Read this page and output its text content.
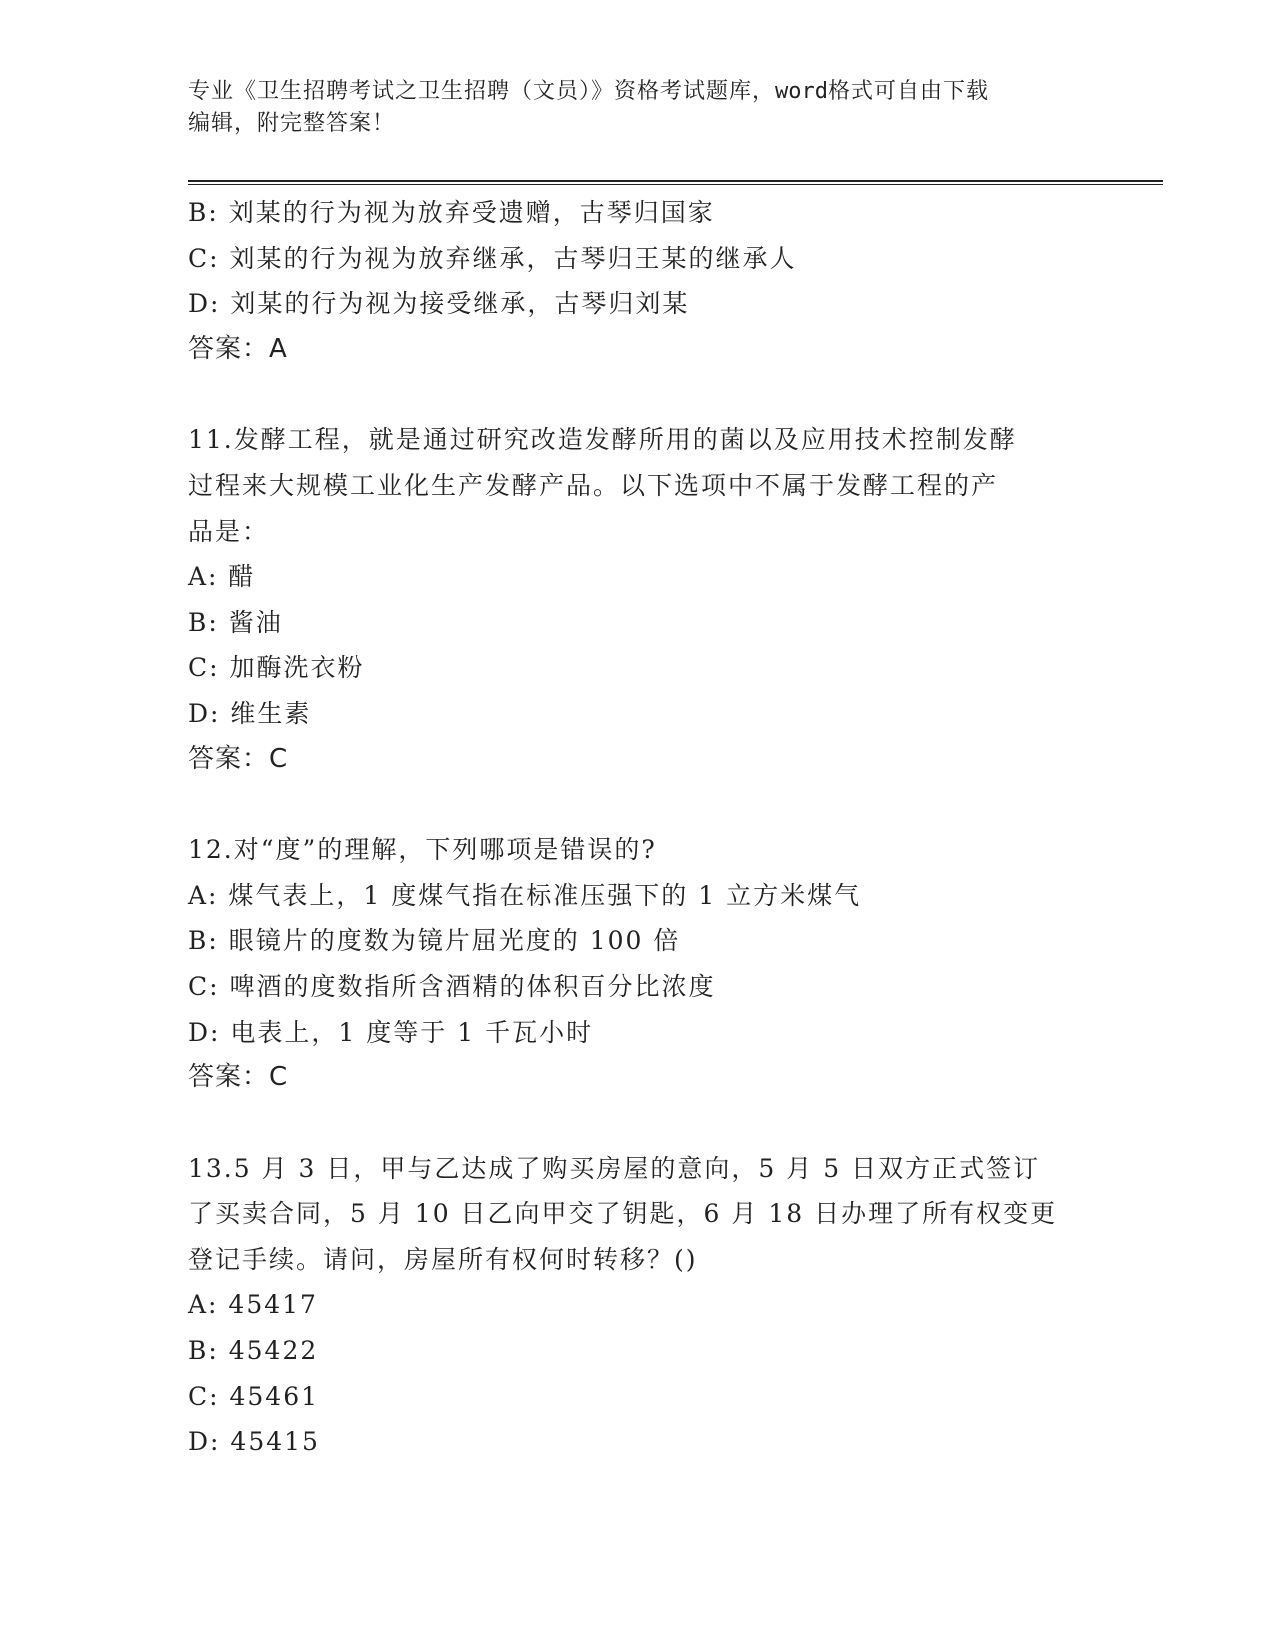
专业《卫生招聘考试之卫生招聘（文员）》资格考试题库，word格式可自由下载
编辑，附完整答案！
B: 刘某的行为视为放弃受遗赠，古琴归国家
C: 刘某的行为视为放弃继承，古琴归王某的继承人
D: 刘某的行为视为接受继承，古琴归刘某
答案：A
11.发酵工程，就是通过研究改造发酵所用的菌以及应用技术控制发酵
过程来大规模工业化生产发酵产品。以下选项中不属于发酵工程的产
品是：
A: 醋
B: 酱油
C: 加酶洗衣粉
D: 维生素
答案：C
12.对“度”的理解，下列哪项是错误的?
A: 煤气表上，1 度煤气指在标准压强下的 1 立方米煤气
B: 眼镜片的度数为镜片屈光度的 100 倍
C: 啤酒的度数指所含酒精的体积百分比浓度
D: 电表上，1 度等于 1 千瓦小时
答案：C
13.5 月 3 日，甲与乙达成了购买房屋的意向，5 月 5 日双方正式签订
了买卖合同，5 月 10 日乙向甲交了钥匙，6 月 18 日办理了所有权变更
登记手续。请问，房屋所有权何时转移？()
A: 45417
B: 45422
C: 45461
D: 45415
